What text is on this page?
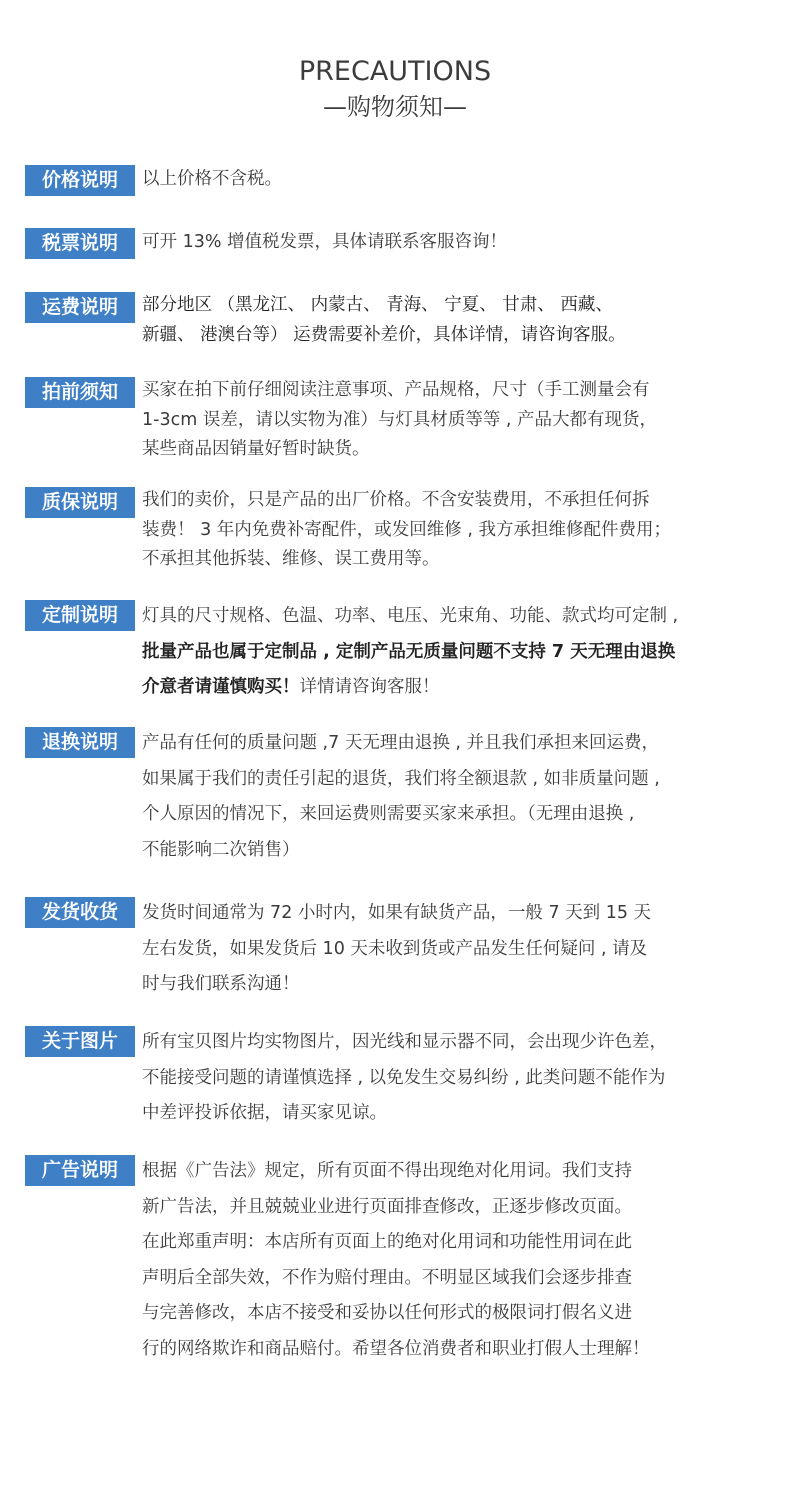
PRECAUTIONS
—购物须知—
价格说明	以上价格不含税。
税票说明	可开 13% 增值税发票，具体请联系客服咨询！
运费说明	部分地区 （黑龙江、 内蒙古、 青海、 宁夏、 甘肃、 西藏、
新疆、 港澳台等） 运费需要补差价，具体详情，请咨询客服。
拍前须知	买家在拍下前仔细阅读注意事项、产品规格，尺寸（手工测量会有
1-3cm 误差，请以实物为准）与灯具材质等等 , 产品大都有现货，
某些商品因销量好暂时缺货。
质保说明	我们的卖价，只是产品的出厂价格。不含安装费用，不承担任何拆
装费！ 3 年内免费补寄配件，或发回维修 , 我方承担维修配件费用；
不承担其他拆装、维修、误工费用等。
定制说明	灯具的尺寸规格、色温、功率、电压、光束角、功能、款式均可定制 ,
批量产品也属于定制品 , 定制产品无质量问题不支持 7 天无理由退换
介意者请谨慎购买！详情请咨询客服！
退换说明	产品有任何的质量问题 ,7 天无理由退换 , 并且我们承担来回运费，
如果属于我们的责任引起的退货，我们将全额退款 , 如非质量问题 ,
个人原因的情况下，来回运费则需要买家来承担。（无理由退换 ,
不能影响二次销售）
发货收货	发货时间通常为 72 小时内，如果有缺货产品，一般 7 天到 15 天
左右发货，如果发货后 10 天未收到货或产品发生任何疑问 , 请及
时与我们联系沟通！
关于图片	所有宝贝图片均实物图片，因光线和显示器不同，会出现少许色差，
不能接受问题的请谨慎选择 , 以免发生交易纠纷 , 此类问题不能作为
中差评投诉依据，请买家见谅。
广告说明	根据《广告法》规定，所有页面不得出现绝对化用词。我们支持
新广告法，并且兢兢业业进行页面排查修改，正逐步修改页面。
在此郑重声明：本店所有页面上的绝对化用词和功能性用词在此
声明后全部失效，不作为赔付理由。不明显区域我们会逐步排查
与完善修改，本店不接受和妥协以任何形式的极限词打假名义进
行的网络欺诈和商品赔付。希望各位消费者和职业打假人士理解！
